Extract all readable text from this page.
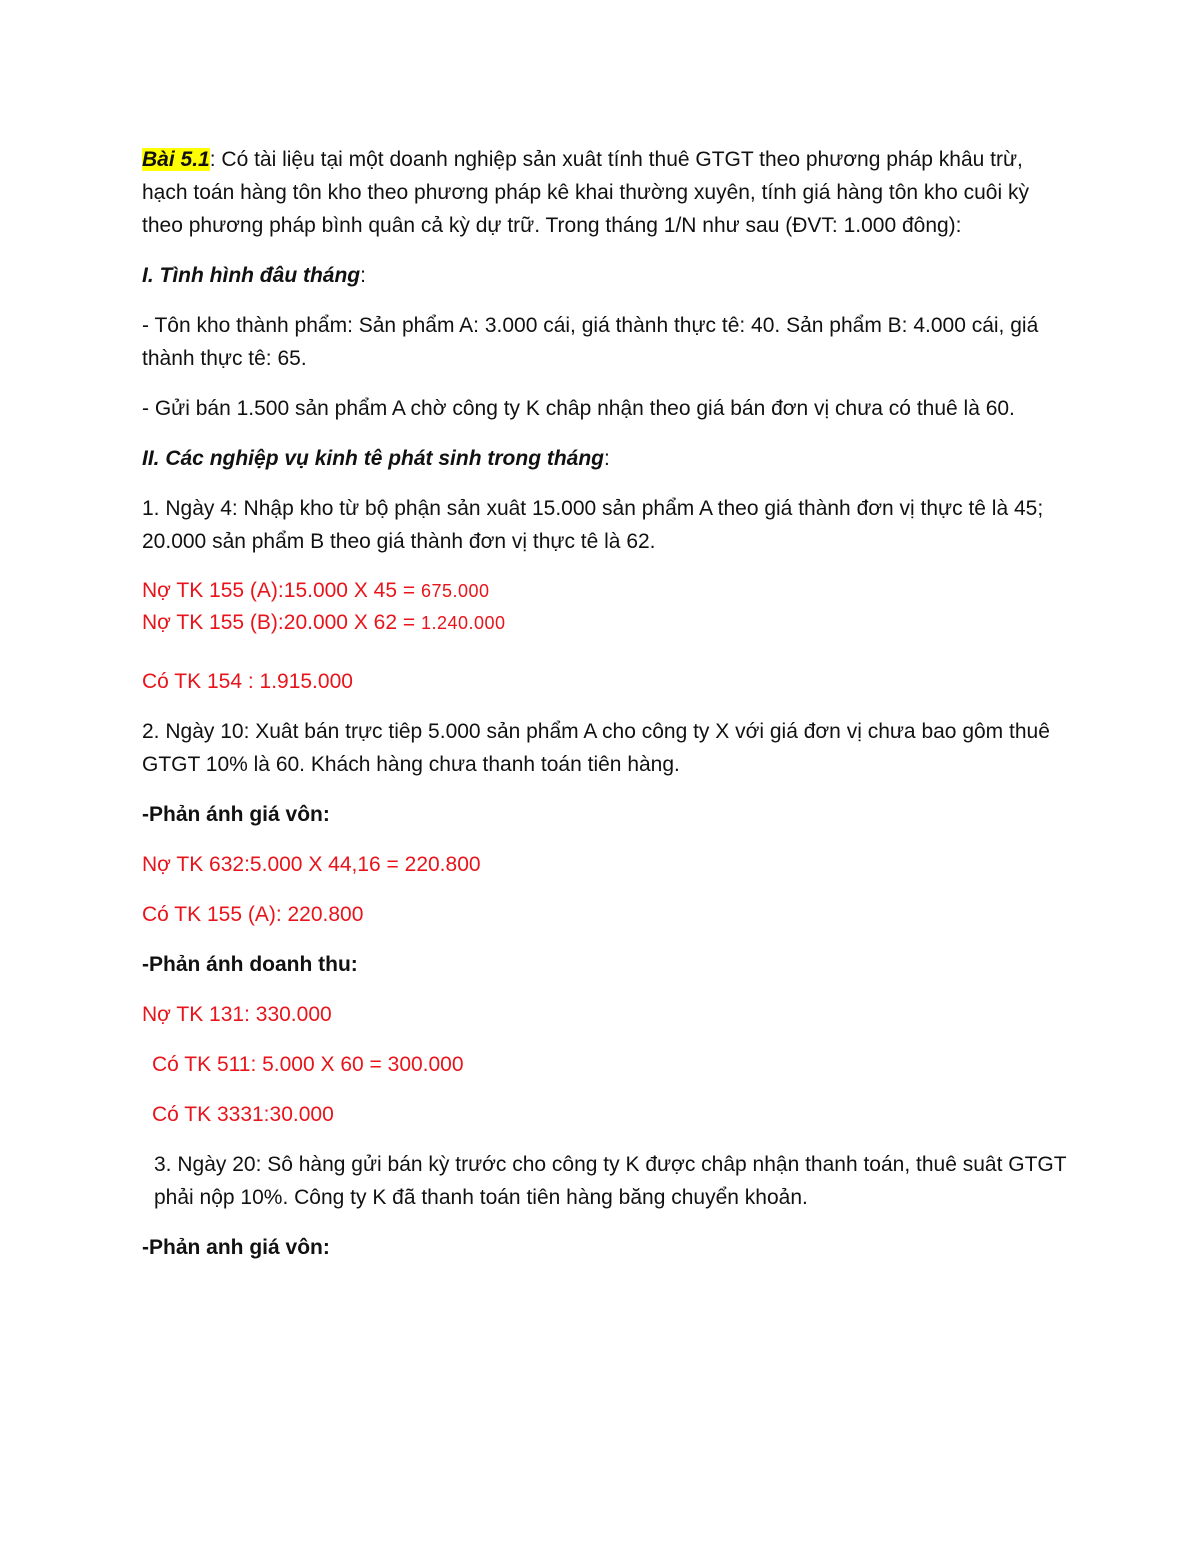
Bài 5.1: Có tài liệu tại một doanh nghiệp sản xuât tính thuê GTGT theo phương pháp khâu trừ, hạch toán hàng tôn kho theo phương pháp kê khai thường xuyên, tính giá hàng tôn kho cuôi kỳ theo phương pháp bình quân cả kỳ dự trữ. Trong tháng 1/N như sau (ĐVT: 1.000 đông):

I. Tình hình đâu tháng:

- Tôn kho thành phẩm: Sản phẩm A: 3.000 cái, giá thành thực tê: 40. Sản phẩm B: 4.000 cái, giá thành thực tê: 65.

- Gửi bán 1.500 sản phẩm A chờ công ty K châp nhận theo giá bán đơn vị chưa có thuê là 60.

II. Các nghiệp vụ kinh tê phát sinh trong tháng:

1. Ngày 4: Nhập kho từ bộ phận sản xuât 15.000 sản phẩm A theo giá thành đơn vị thực tê là 45; 20.000 sản phẩm B theo giá thành đơn vị thực tê là 62.

Nợ TK 155 (A):15.000 X 45 = 675.000

Nợ TK 155 (B):20.000 X 62 = 1.240.000

Có TK 154 : 1.915.000

2. Ngày 10: Xuât bán trực tiêp 5.000 sản phẩm A cho công ty X với giá đơn vị chưa bao gôm thuê GTGT 10% là 60. Khách hàng chưa thanh toán tiên hàng.

-Phản ánh giá vôn:

Nợ TK 632:5.000 X 44,16 = 220.800

Có TK 155 (A): 220.800

-Phản ánh doanh thu:

Nợ TK 131: 330.000

Có TK 511: 5.000 X 60 = 300.000

Có TK 3331:30.000

3. Ngày 20: Sô hàng gửi bán kỳ trước cho công ty K được châp nhận thanh toán, thuê suât GTGT phải nộp 10%. Công ty K đã thanh toán tiên hàng băng chuyển khoản.

-Phản anh giá vôn:
